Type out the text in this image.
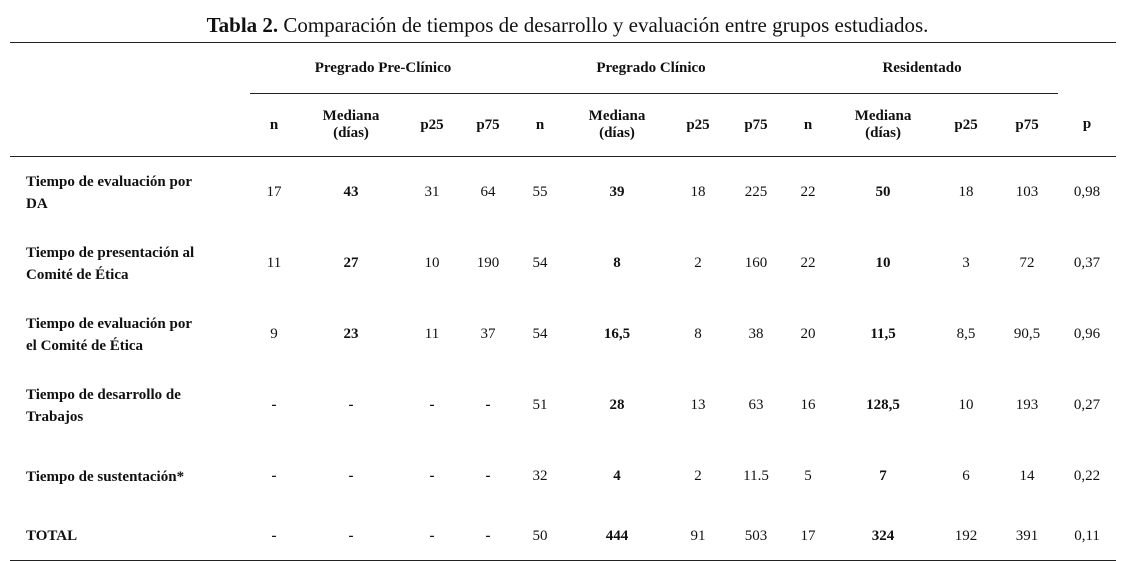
Tabla 2. Comparación de tiempos de desarrollo y evaluación entre grupos estudiados.
	Pregrado Pre-Clínico				Pregrado Clínico				Residentado				
	n	Mediana
(días)	p25	p75	n	Mediana
(días)	p25	p75	n	Mediana
(días)	p25	p75	p
Tiempo de evaluación por
DA	17	43	31	64	55	39	18	225	22	50	18	103	0,98
Tiempo de presentación al
Comité de Ética	11	27	10	190	54	8	2	160	22	10	3	72	0,37
Tiempo de evaluación por
el Comité de Ética	9	23	11	37	54	16,5	8	38	20	11,5	8,5	90,5	0,96
Tiempo de desarrollo de
Trabajos	-	-	-	-	51	28	13	63	16	128,5	10	193	0,27
Tiempo de sustentación*	-	-	-	-	32	4	2	11.5	5	7	6	14	0,22
TOTAL	-	-	-	-	50	444	91	503	17	324	192	391	0,11
